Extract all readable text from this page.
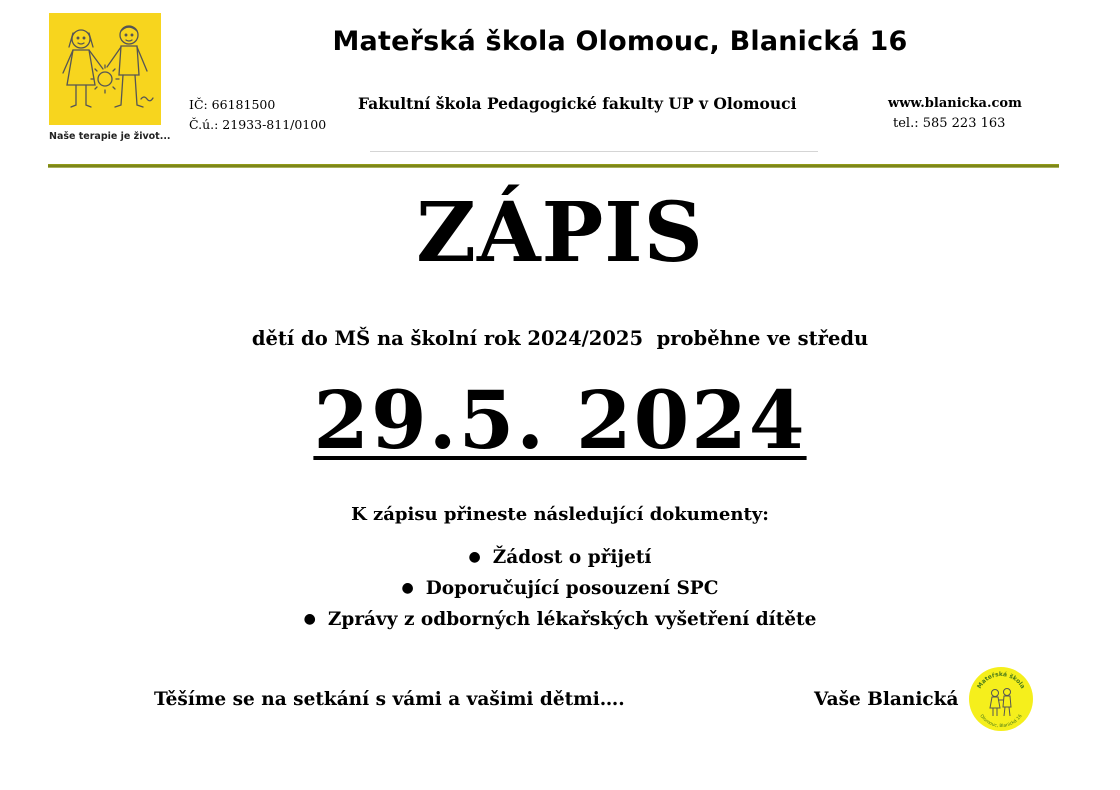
Naše terapie je život...
Mateřská škola Olomouc, Blanická 16
IČ: 66181500
Č.ú.: 21933-811/0100
Fakultní škola Pedagogické fakulty UP v Olomouci	www.blanicka.com
tel.: 585 223 163
ZÁPIS
dětí do MŠ na školní rok 2024/2025  proběhne ve středu
29.5. 2024
K zápisu přineste následující dokumenty:
● Žádost o přijetí
● Doporučující posouzení SPC
● Zprávy z odborných lékařských vyšetření dítěte
Těšíme se na setkání s vámi a vašimi dětmi….	Vaše Blanická
Mateřská škola
Olomouc, Blanická 16
